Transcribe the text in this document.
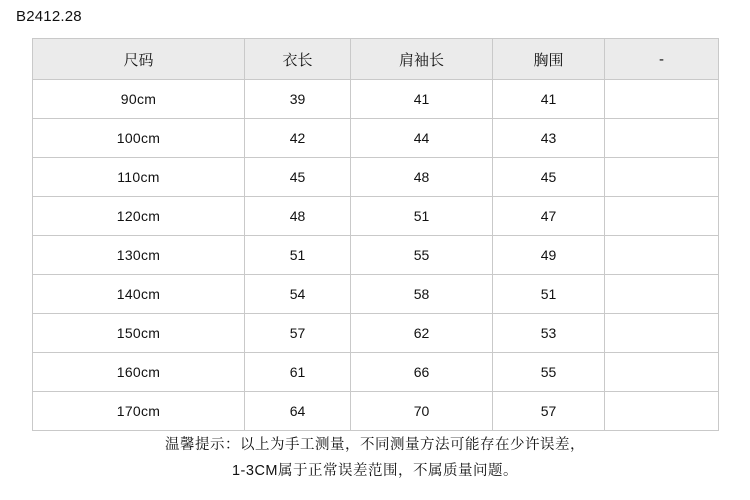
B2412.28
尺码	衣长	肩袖长	胸围	-
90cm	39	41	41	
100cm	42	44	43	
110cm	45	48	45	
120cm	48	51	47	
130cm	51	55	49	
140cm	54	58	51	
150cm	57	62	53	
160cm	61	66	55	
170cm	64	70	57	
温馨提示：以上为手工测量，不同测量方法可能存在少许误差，
1-3CM属于正常误差范围，不属质量问题。
